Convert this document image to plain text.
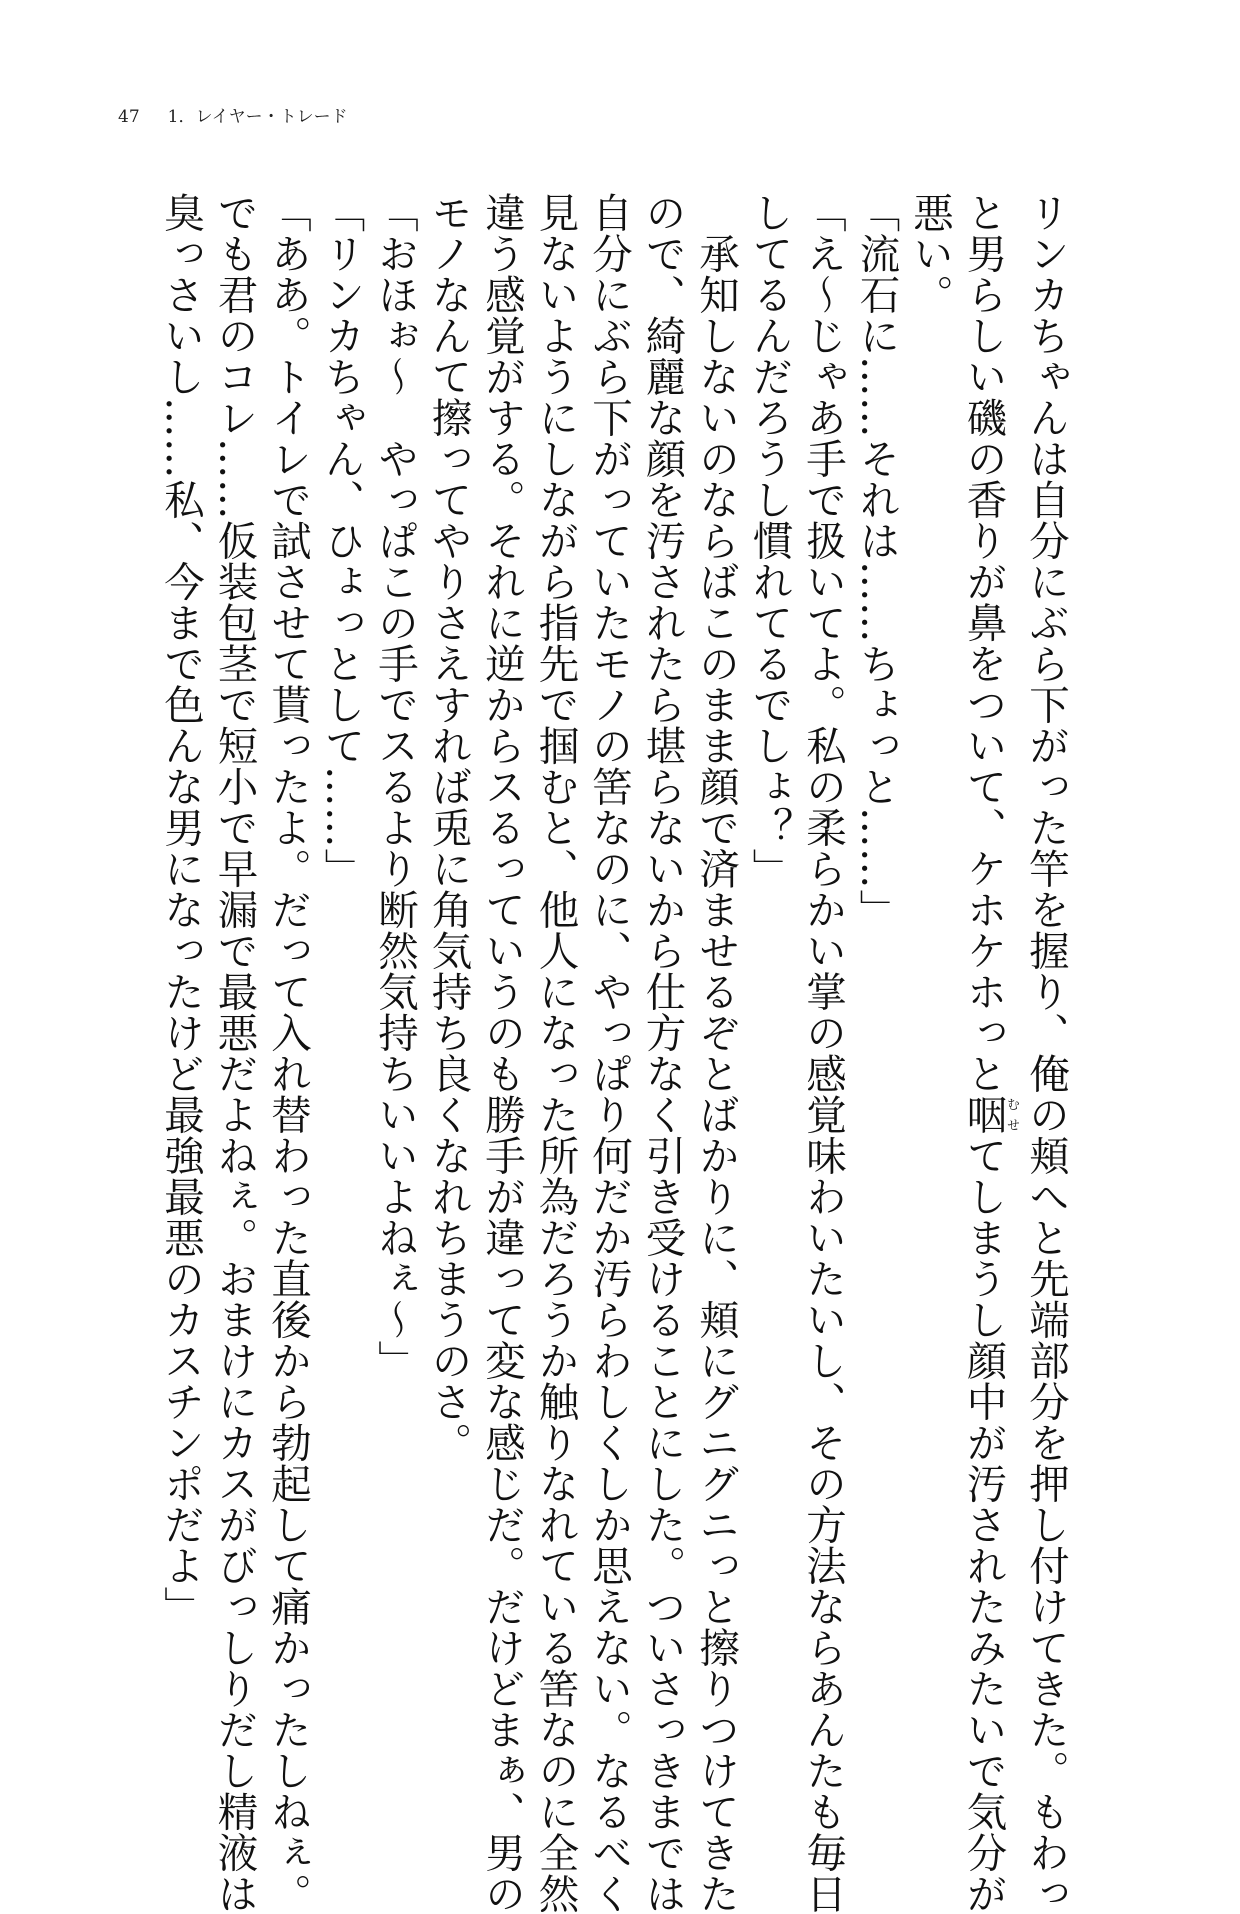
47 1．レイヤー・トレード

リンカちゃんは自分にぶら下がった竿を握り、俺の頬へと先端部分を押し付けてきた。もわっ

と男らしい磯の香りが鼻をついて、ケホケホっと咽むせてしまうし顔中が汚されたみたいで気分が

悪い。

「流石に……それは……ちょっと……」

「え〜じゃあ手で扱いてよ。私の柔らかい掌の感覚味わいたいし、その方法ならあんたも毎日

してるんだろうし慣れてるでしょ？」

承知しないのならばこのまま顔で済ませるぞとばかりに、頬にグニグニっと擦りつけてきた

ので、綺麗な顔を汚されたら堪らないから仕方なく引き受けることにした。ついさっきまでは

自分にぶら下がっていたモノの筈なのに、やっぱり何だか汚らわしくしか思えない。なるべく

見ないようにしながら指先で掴むと、他人になった所為だろうか触りなれている筈なのに全然

違う感覚がする。それに逆からスるっていうのも勝手が違って変な感じだ。だけどまぁ、男の

モノなんて擦ってやりさえすれば兎に角気持ち良くなれちまうのさ。

「おほぉ〜　やっぱこの手でスるより断然気持ちいいよねぇ〜」

「リンカちゃん、ひょっとして……」

「ああ。トイレで試させて貰ったよ。だって入れ替わった直後から勃起して痛かったしねぇ。

でも君のコレ……仮装包茎で短小で早漏で最悪だよねぇ。おまけにカスがびっしりだし精液は

臭っさいし……私、今まで色んな男になったけど最強最悪のカスチンポだよ」
